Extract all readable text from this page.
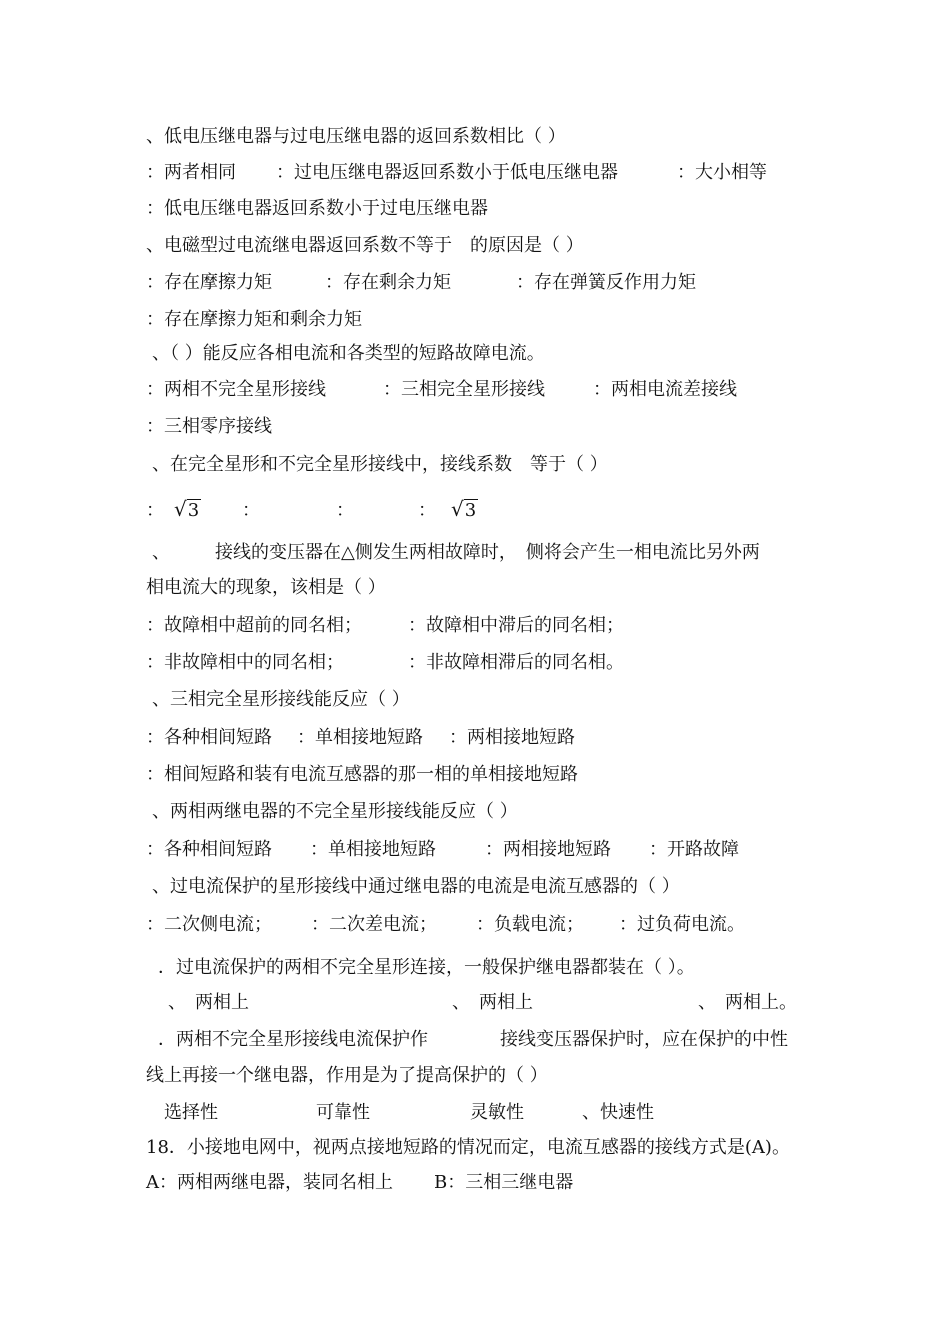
、低电压继电器与过电压继电器的返回系数相比（ ）
：两者相同 ：过电压继电器返回系数小于低电压继电器	：大小相等
：低电压继电器返回系数小于过电压继电器
、电磁型过电流继电器返回系数不等于　的原因是（ ）
：存在摩擦力矩	：存在剩余力矩	：存在弹簧反作用力矩
：存在摩擦力矩和剩余力矩
、（ ）能反应各相电流和各类型的短路故障电流。
：两相不完全星形接线	：三相完全星形接线	：两相电流差接线
：三相零序接线
、在完全星形和不完全星形接线中，接线系数　等于（ ）
： √3 ：	：	： √3
、　　　接线的变压器在△侧发生两相故障时，　侧将会产生一相电流比另外两
相电流大的现象，该相是（ ）
：故障相中超前的同名相；	：故障相中滞后的同名相；
：非故障相中的同名相；	：非故障相滞后的同名相。
、三相完全星形接线能反应（ ）
：各种相间短路 ：单相接地短路 ：两相接地短路
：相间短路和装有电流互感器的那一相的单相接地短路
、两相两继电器的不完全星形接线能反应（ ）
：各种相间短路 ：单相接地短路	：两相接地短路 ：开路故障
、过电流保护的星形接线中通过继电器的电流是电流互感器的（ ）
：二次侧电流； ：二次差电流； ：负载电流； ：过负荷电流。
．过电流保护的两相不完全星形连接，一般保护继电器都装在（ ）。
、　两相上	、　两相上	、　两相上。
．两相不完全星形接线电流保护作　　　　接线变压器保护时，应在保护的中性
线上再接一个继电器，作用是为了提高保护的（ ）
选择性	可靠性	灵敏性	、快速性
18．小接地电网中，视两点接地短路的情况而定，电流互感器的接线方式是(A)。
A：两相两继电器，装同名相上 B：三相三继电器
